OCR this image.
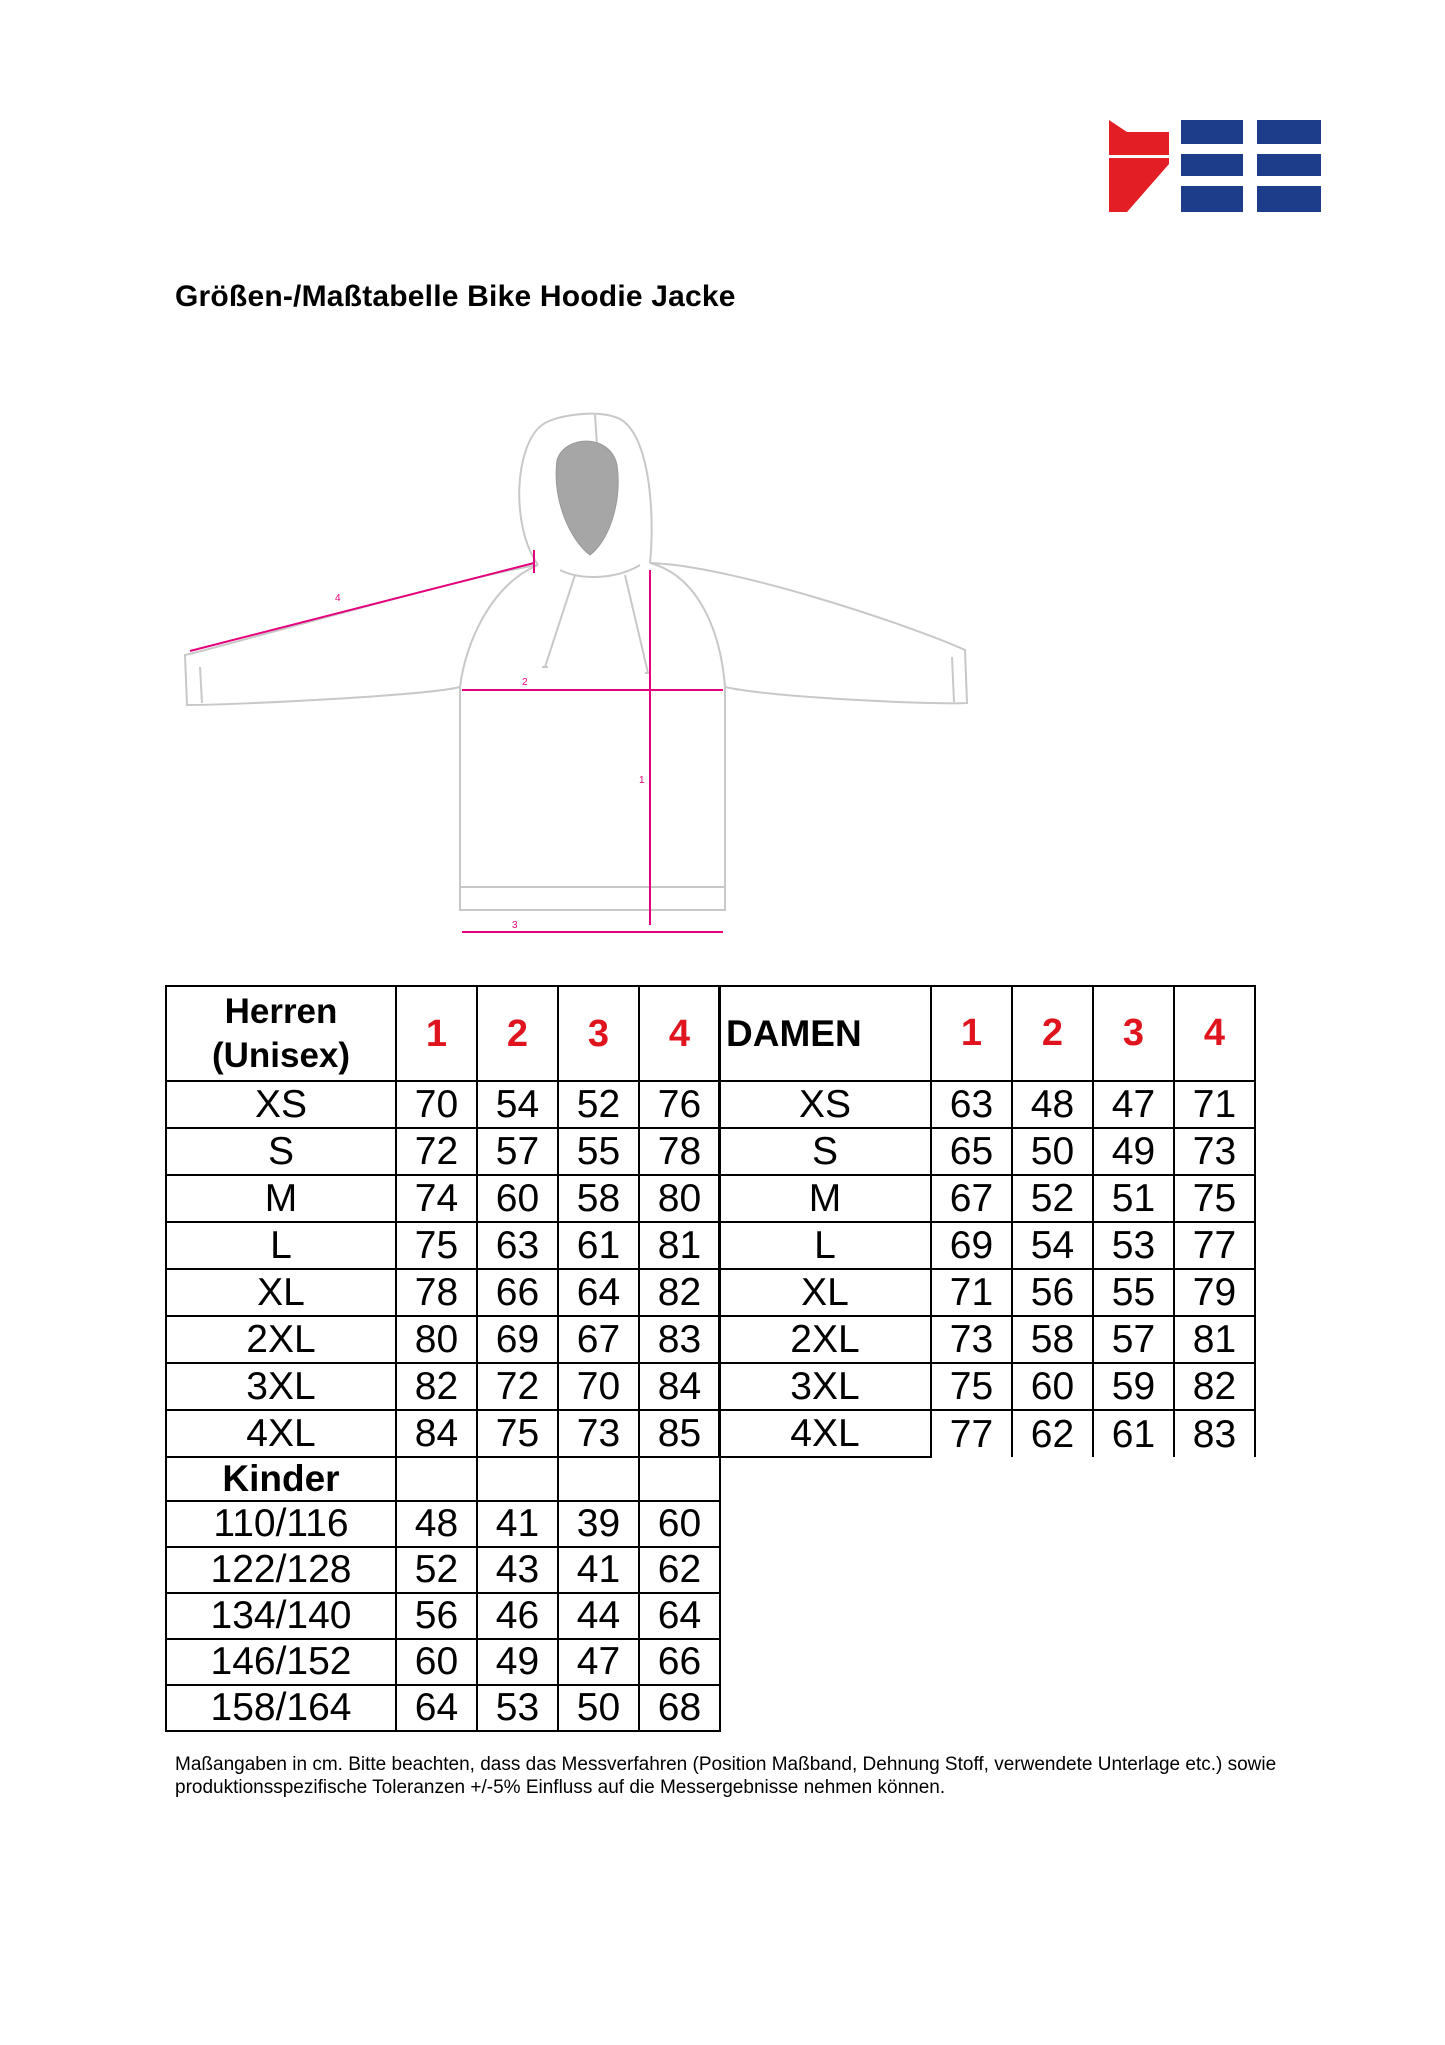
Größen-/Maßtabelle Bike Hoodie Jacke
4
2
1
3
Herren
(Unisex)	1	2	3	4
XS	70	54	52	76
S	72	57	55	78
M	74	60	58	80
L	75	63	61	81
XL	78	66	64	82
2XL	80	69	67	83
3XL	82	72	70	84
4XL	84	75	73	85
Kinder				
110/116	48	41	39	60
122/128	52	43	41	62
134/140	56	46	44	64
146/152	60	49	47	66
158/164	64	53	50	68
DAMEN	1	2	3	4
XS	63	48	47	71
S	65	50	49	73
M	67	52	51	75
L	69	54	53	77
XL	71	56	55	79
2XL	73	58	57	81
3XL	75	60	59	82
4XL	77	62	61	83
Maßangaben in cm. Bitte beachten, dass das Messverfahren (Position Maßband, Dehnung Stoff, verwendete Unterlage etc.) sowie produktionsspezifische Toleranzen +/-5% Einfluss auf die Messergebnisse nehmen können.
